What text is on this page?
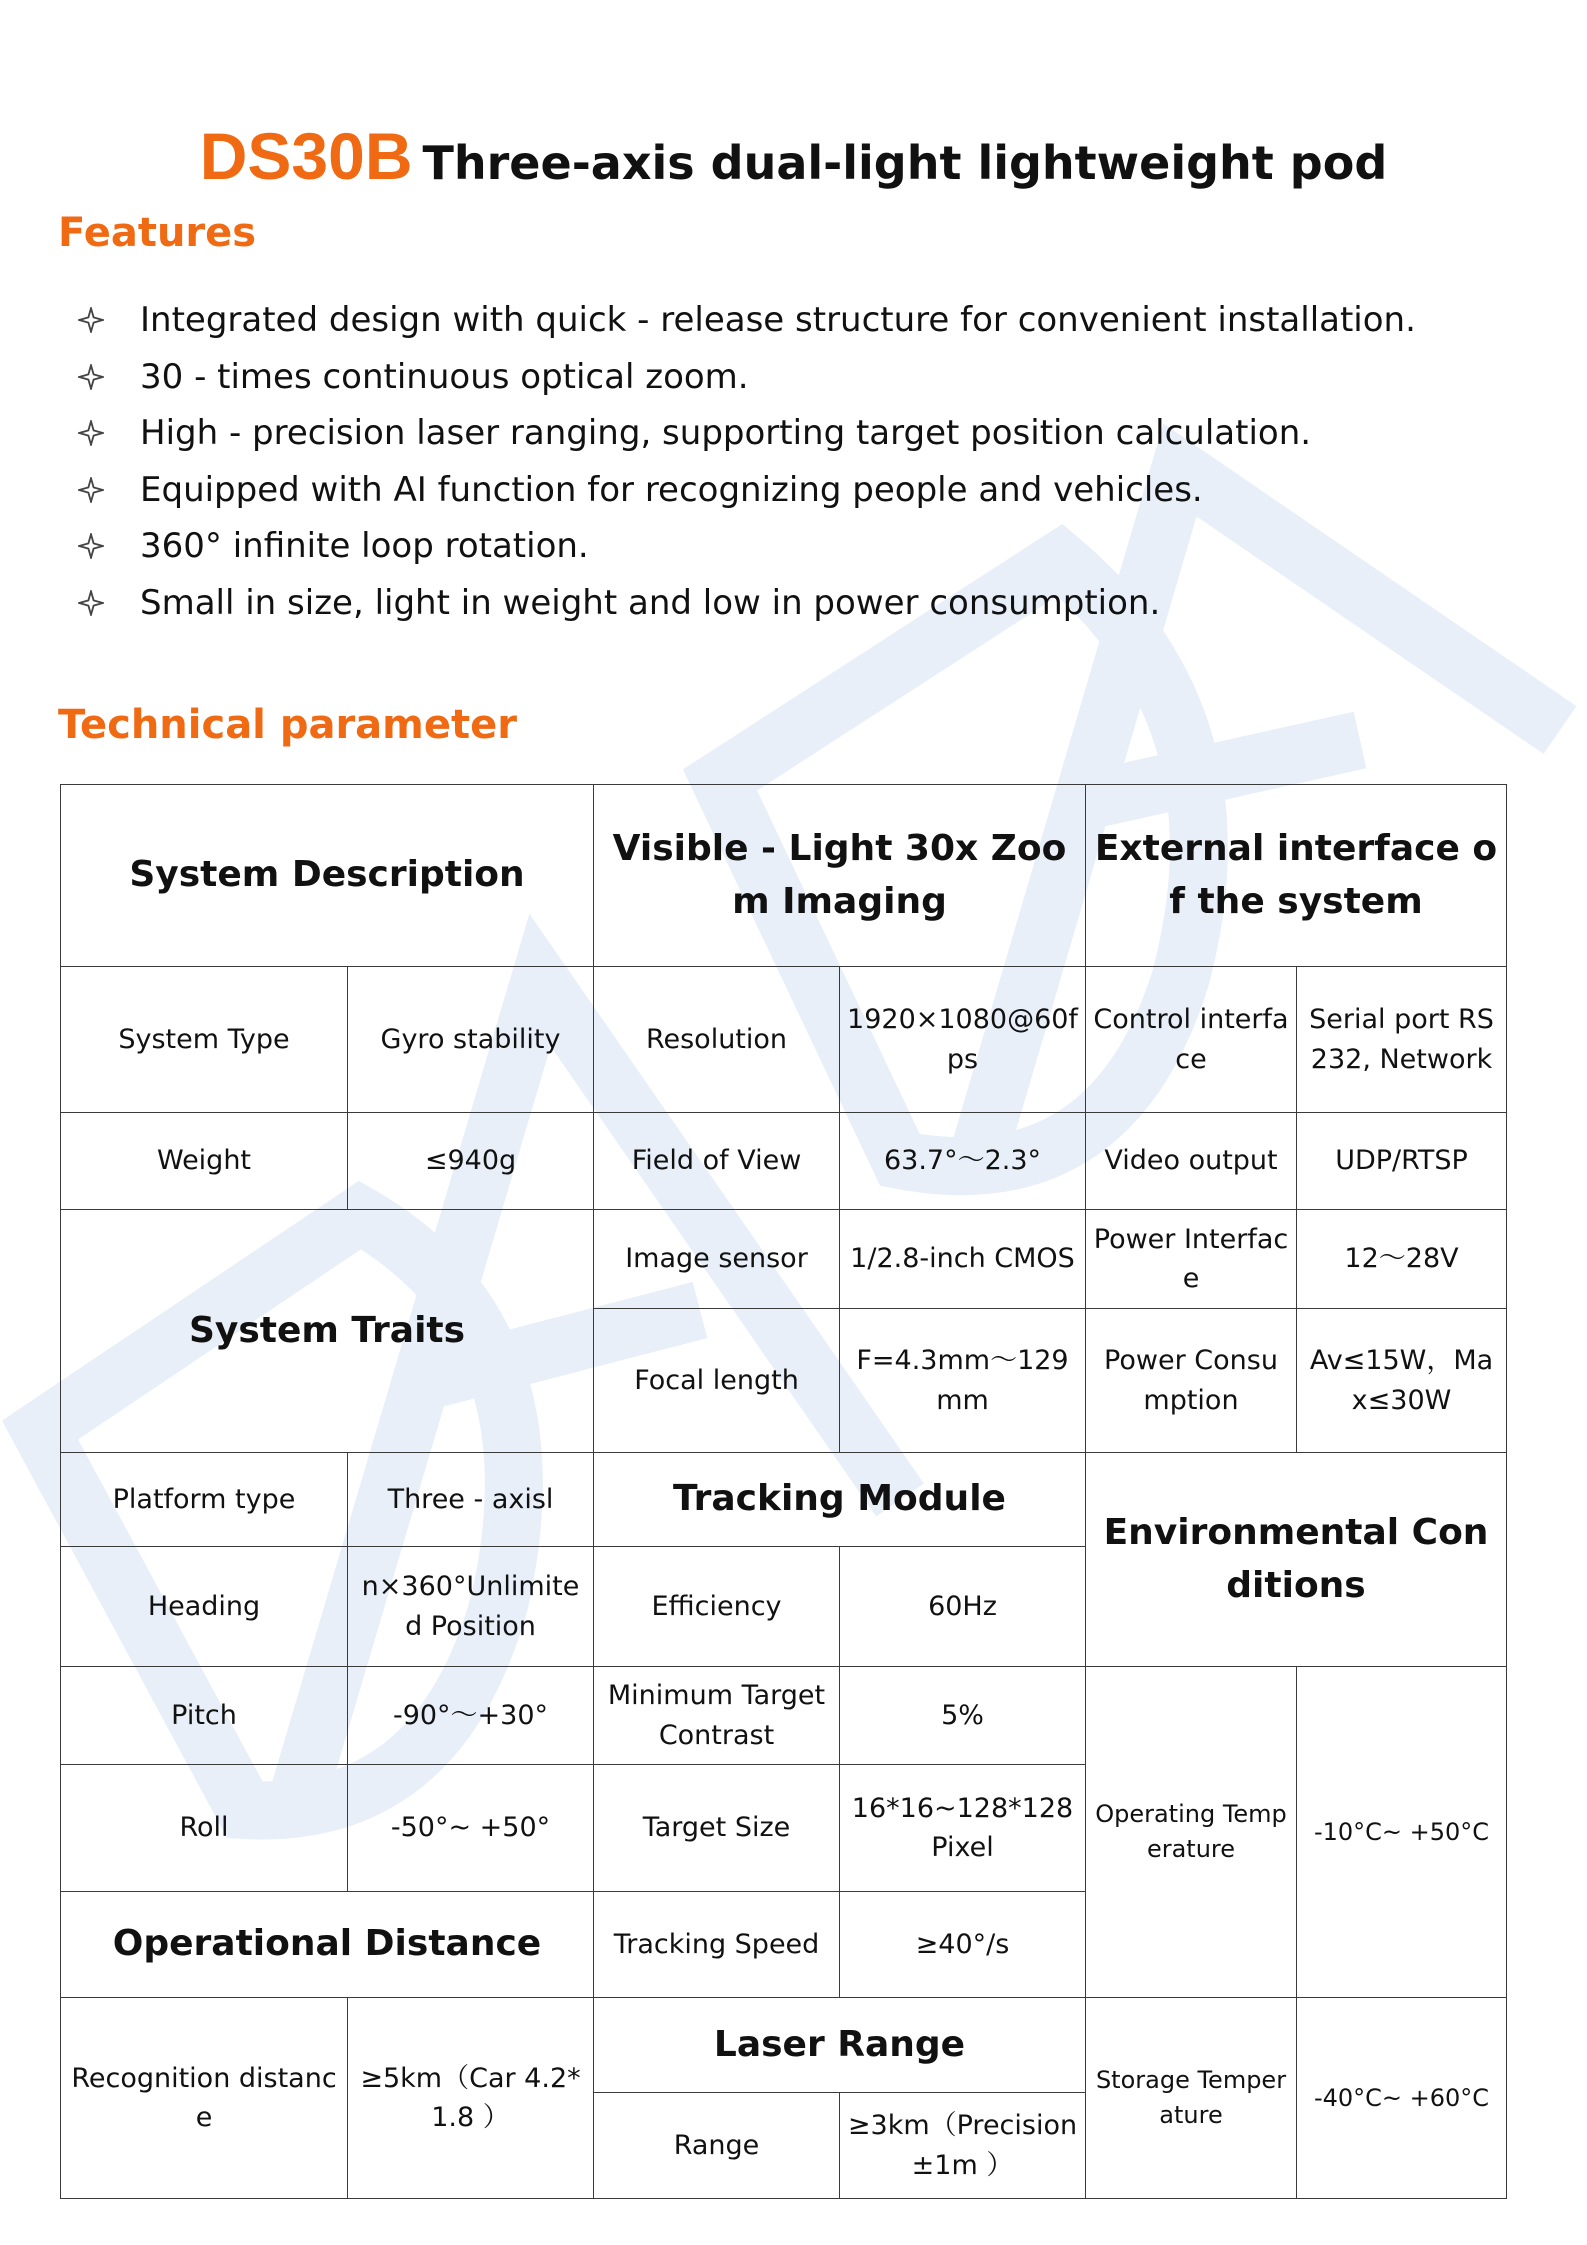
DS30B Three-axis dual-light lightweight pod
Features
Integrated design with quick - release structure for convenient installation.
30 - times continuous optical zoom.
High - precision laser ranging, supporting target position calculation.
Equipped with AI function for recognizing people and vehicles.
360° infinite loop rotation.
Small in size, light in weight and low in power consumption.
Technical parameter
System Description		Visible - Light 30x Zoom Imaging		External interface of the system	
System Type	Gyro stability	Resolution	1920×1080@60fps	Control interface	Serial port RS232, Network
Weight	≤940g	Field of View	63.7°～2.3°	Video output	UDP/RTSP
System Traits		Image sensor	1/2.8-inch CMOS	Power Interface	12～28V
		Focal length	F=4.3mm～129mm	Power Consumption	Av≤15W，Max≤30W
Platform type	Three - axisl	Tracking Module		Environmental Conditions	
Heading	n×360°Unlimited Position	Efficiency	60Hz		
Pitch	-90°～+30°	Minimum Target Contrast	5%	Operating Temperature	-10°C~ +50°C
Roll	-50°~ +50°	Target Size	16*16~128*128 Pixel		
Operational Distance		Tracking Speed	≥40°/s		
Recognition distance	≥5km（Car 4.2*1.8 ）	Laser Range		Storage Temperature	-40°C~ +60°C
		Range	≥3km（Precision±1m ）		
